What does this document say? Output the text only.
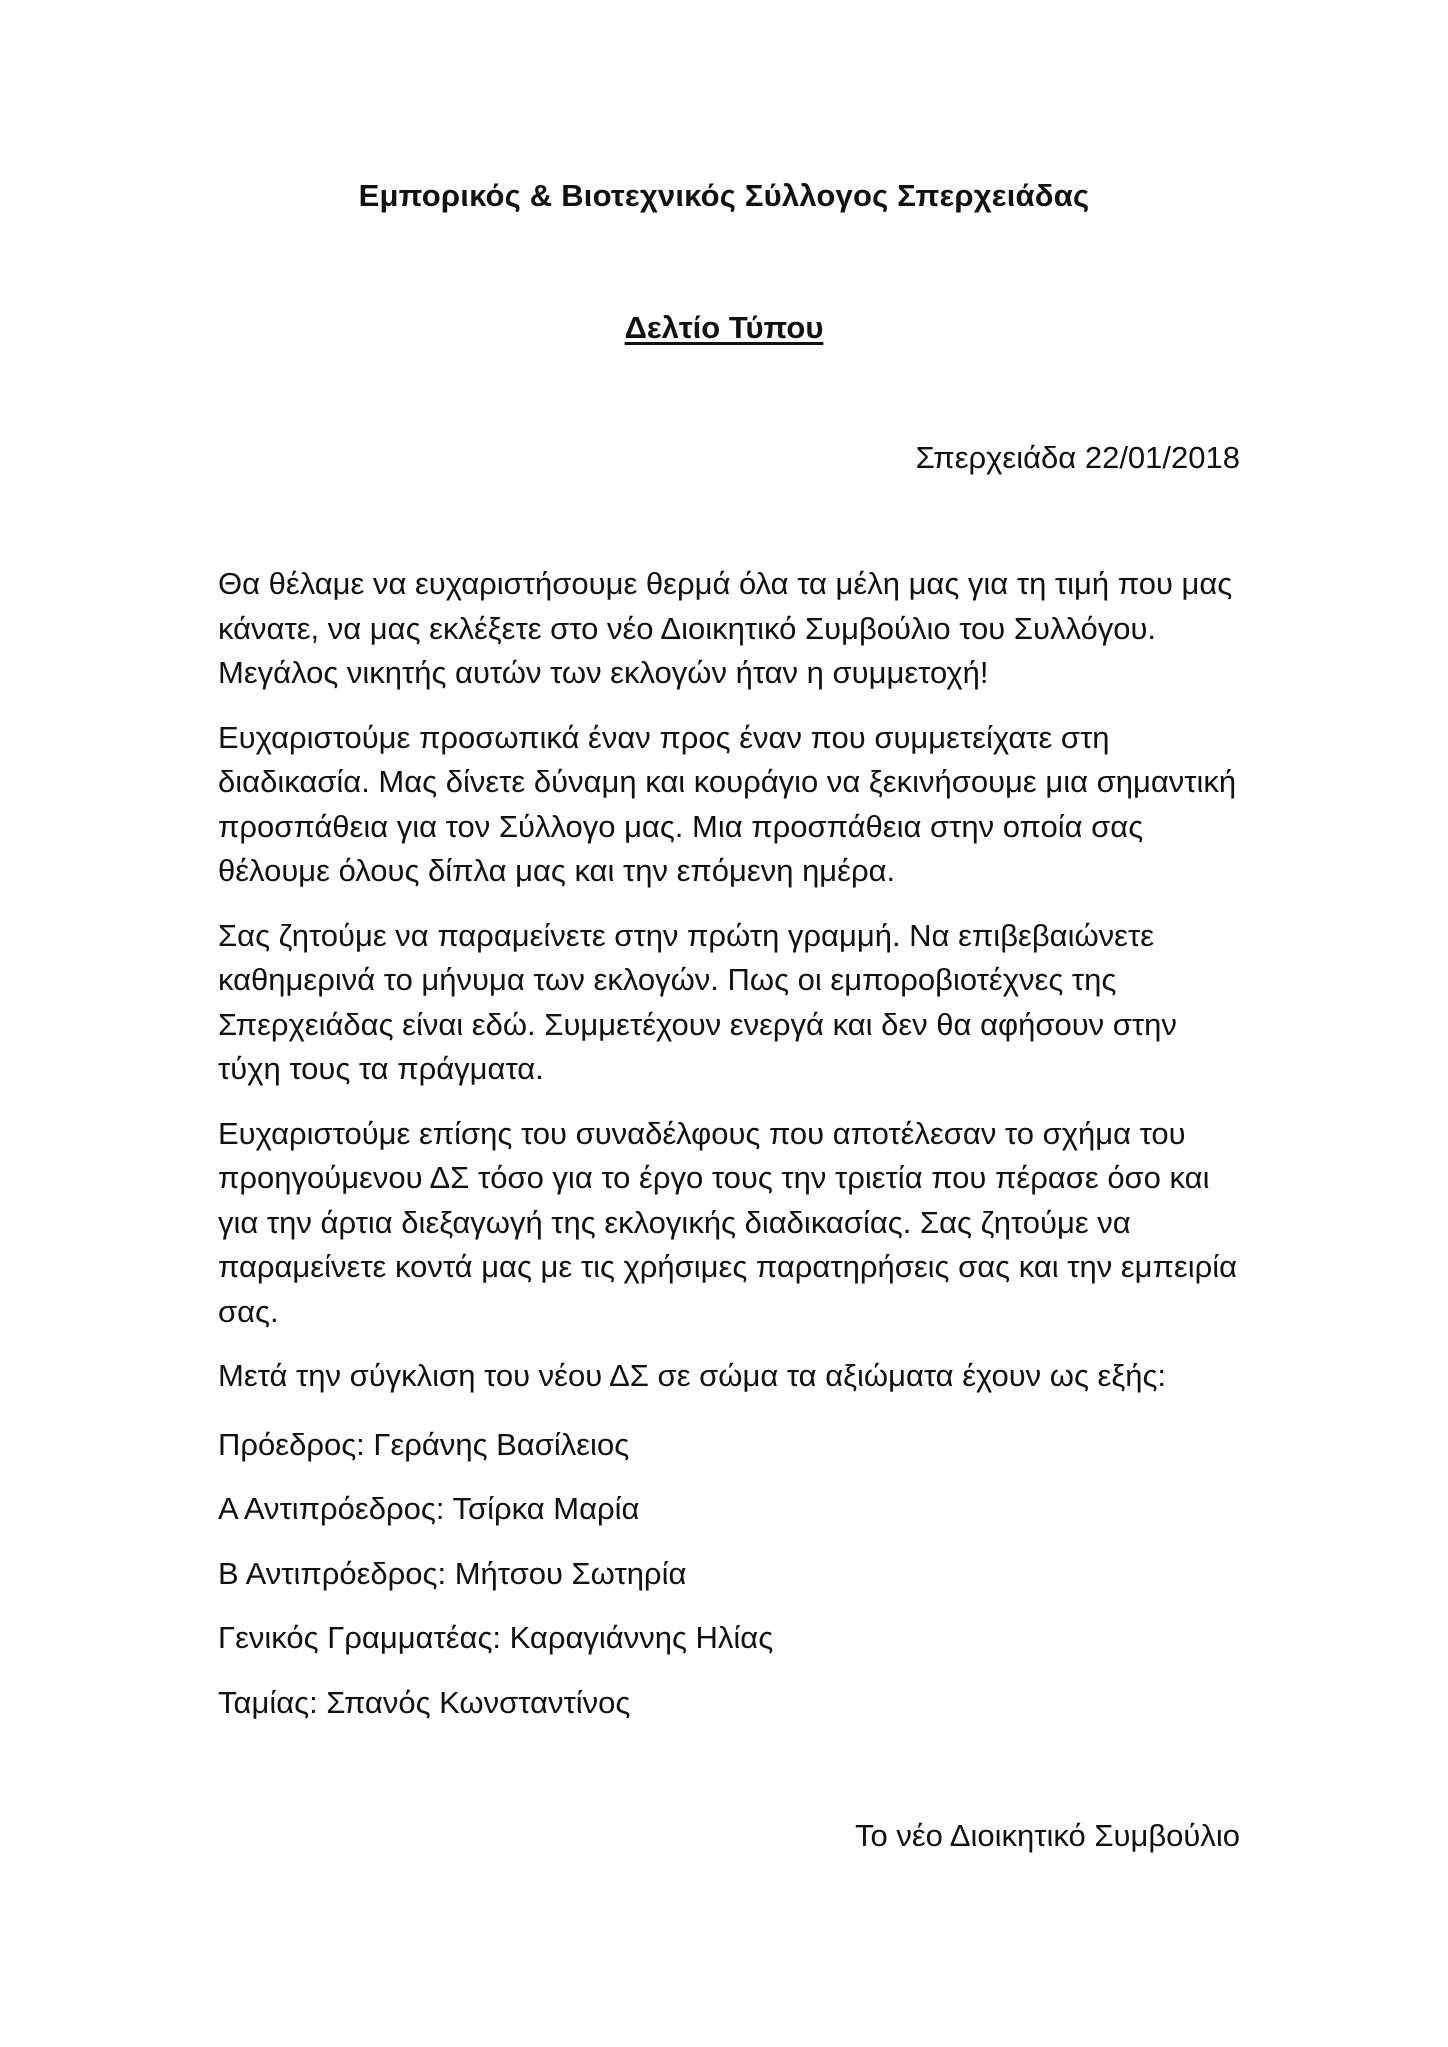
Εμπορικός & Βιοτεχνικός Σύλλογος Σπερχειάδας
Δελτίο Τύπου
Σπερχειάδα 22/01/2018

Θα θέλαμε να ευχαριστήσουμε θερμά όλα τα μέλη μας για τη τιμή που μας κάνατε, να μας εκλέξετε στο νέο Διοικητικό Συμβούλιο του Συλλόγου. Μεγάλος νικητής αυτών των εκλογών ήταν η συμμετοχή!

Ευχαριστούμε προσωπικά έναν προς έναν που συμμετείχατε στη διαδικασία. Μας δίνετε δύναμη και κουράγιο να ξεκινήσουμε μια σημαντική προσπάθεια για τον Σύλλογο μας. Μια προσπάθεια στην οποία σας θέλουμε όλους δίπλα μας και την επόμενη ημέρα.

Σας ζητούμε να παραμείνετε στην πρώτη γραμμή. Να επιβεβαιώνετε καθημερινά το μήνυμα των εκλογών. Πως οι εμποροβιοτέχνες της Σπερχειάδας είναι εδώ. Συμμετέχουν ενεργά και δεν θα αφήσουν στην τύχη τους τα πράγματα.

Ευχαριστούμε επίσης του συναδέλφους που αποτέλεσαν το σχήμα του προηγούμενου ΔΣ τόσο για το έργο τους την τριετία που πέρασε όσο και για την άρτια διεξαγωγή της εκλογικής διαδικασίας. Σας ζητούμε να παραμείνετε κοντά μας με τις χρήσιμες παρατηρήσεις σας και την εμπειρία σας.

Μετά την σύγκλιση του νέου ΔΣ σε σώμα τα αξιώματα έχουν ως εξής:

Πρόεδρος: Γεράνης Βασίλειος
Α Αντιπρόεδρος: Τσίρκα Μαρία
Β Αντιπρόεδρος: Μήτσου Σωτηρία
Γενικός Γραμματέας: Καραγιάννης Ηλίας
Ταμίας: Σπανός Κωνσταντίνος
Το νέο Διοικητικό Συμβούλιο
